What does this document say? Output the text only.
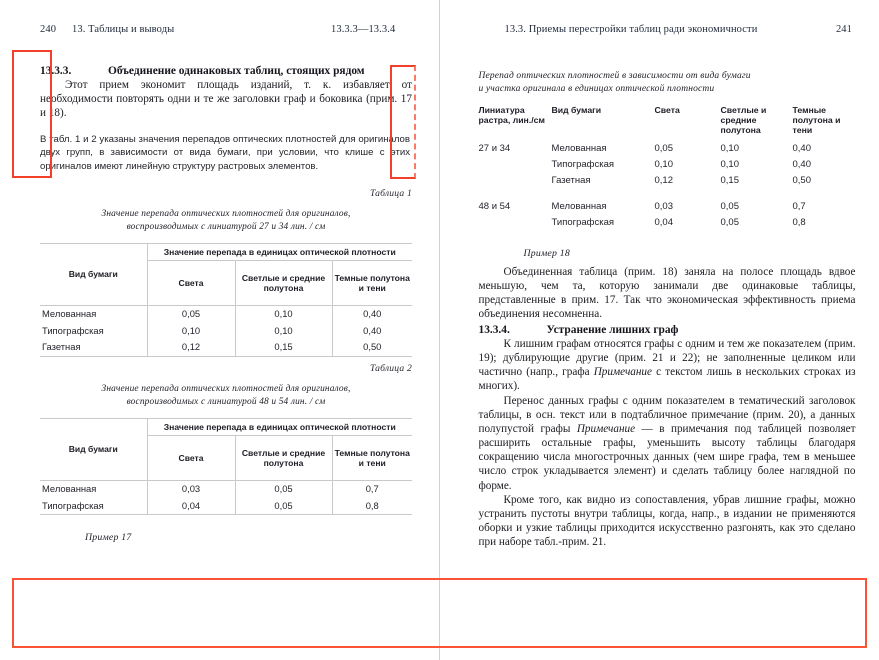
240 13. Таблицы и выводы	13.3.3—13.3.4
13.3.3.	Объединение одинаковых таблиц, стоящих рядом

Этот прием экономит площадь изданий, т. к. избавляет от необходимости повторять одни и те же заголовки граф и боковика (прим. 17 и 18).

В табл. 1 и 2 указаны значения перепадов оптических плотностей для оригиналов двух групп, в зависимости от вида бумаги, при условии, что клише с этих оригиналов имеют линейную структуру растровых элементов.

Таблица 1
Значение перепада оптических плотностей для оригиналов,
воспроизводимых с линиатурой 27 и 34 лин. / см
Вид бумаги	Значение перепада в единицах оптической плотности		
	Света	Светлые и средние полутона	Темные полутона и тени
Мелованная	0,05	0,10	0,40
Типографская	0,10	0,10	0,40
Газетная	0,12	0,15	0,50
Таблица 2
Значение перепада оптических плотностей для оригиналов,
воспроизводимых с линиатурой 48 и 54 лин. / см
Вид бумаги	Значение перепада в единицах оптической плотности		
	Света	Светлые и средние полутона	Темные полутона и тени
Мелованная	0,03	0,05	0,7
Типографская	0,04	0,05	0,8
Пример 17
13.3. Приемы перестройки таблиц ради экономичности	241
Перепад оптических плотностей в зависимости от вида бумаги
и участка оригинала в единицах оптической плотности
Линиатура растра, лин./см	Вид бумаги	Света	Светлые и средние полутона	Темные полутона и тени
27 и 34	Мелованная	0,05	0,10	0,40
	Типографская	0,10	0,10	0,40
	Газетная	0,12	0,15	0,50
48 и 54	Мелованная	0,03	0,05	0,7
	Типографская	0,04	0,05	0,8
Пример 18

Объединенная таблица (прим. 18) заняла на полосе площадь вдвое меньшую, чем та, которую занимали две одинаковые таблицы, представленные в прим. 17. Так что экономическая эффективность приема объединения несомненна.

13.3.4.	Устранение лишних граф

К лишним графам относятся графы с одним и тем же показателем (прим. 19); дублирующие другие (прим. 21 и 22); не заполненные целиком или частично (напр., графа Примечание с текстом лишь в нескольких строках из многих).

Перенос данных графы с одним показателем в тематический заголовок таблицы, в осн. текст или в подтабличное примечание (прим. 20), а данных полупустой графы Примечание — в примечания под таблицей позволяет расширить остальные графы, уменьшить высоту таблицы благодаря сокращению числа многострочных данных (чем шире графа, тем в меньшее число строк укладывается элемент) и сделать таблицу более наглядной по форме.

Кроме того, как видно из сопоставления, убрав лишние графы, можно устранить пустоты внутри таблицы, когда, напр., в издании не применяются оборки и узкие таблицы приходится искусственно разгонять, как это сделано при наборе табл.-прим. 21.
